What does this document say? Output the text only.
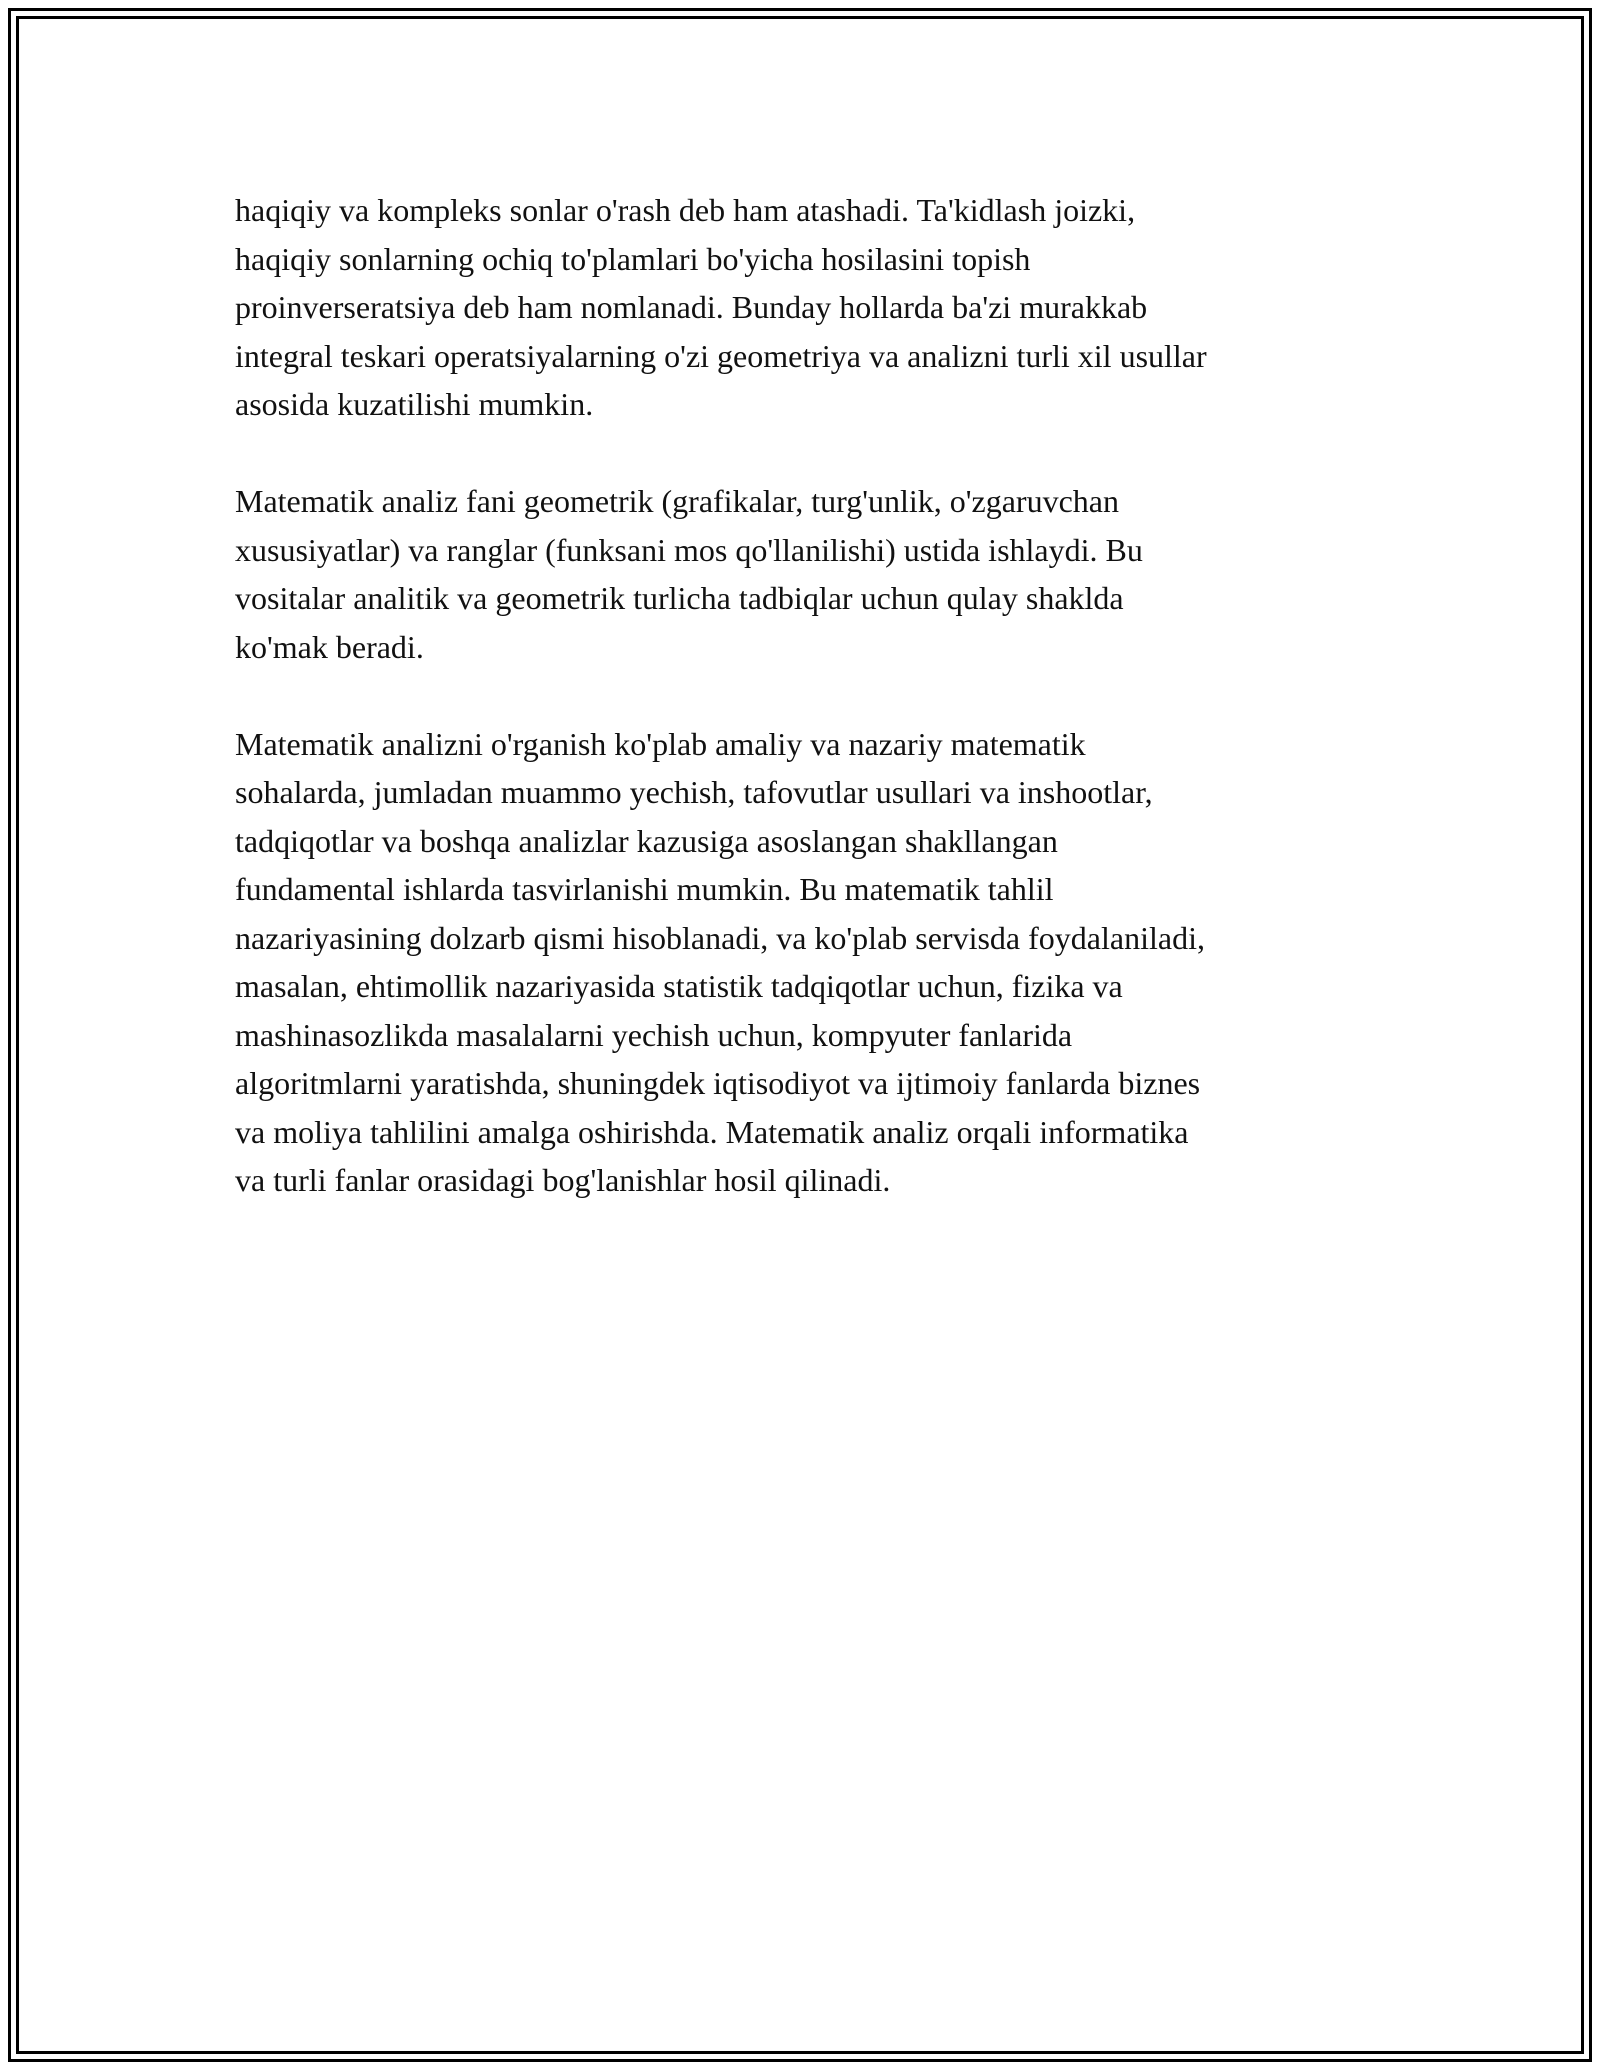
haqiqiy va kompleks sonlar o'rash deb ham atashadi. Ta'kidlash joizki,
haqiqiy sonlarning ochiq to'plamlari bo'yicha hosilasini topish
proinverseratsiya deb ham nomlanadi. Bunday hollarda ba'zi murakkab
integral teskari operatsiyalarning o'zi geometriya va analizni turli xil usullar
asosida kuzatilishi mumkin.

Matematik analiz fani geometrik (grafikalar, turg'unlik, o'zgaruvchan
xususiyatlar) va ranglar (funksani mos qo'llanilishi) ustida ishlaydi. Bu
vositalar analitik va geometrik turlicha tadbiqlar uchun qulay shaklda
ko'mak beradi.

Matematik analizni o'rganish ko'plab amaliy va nazariy matematik
sohalarda, jumladan muammo yechish, tafovutlar usullari va inshootlar,
tadqiqotlar va boshqa analizlar kazusiga asoslangan shakllangan
fundamental ishlarda tasvirlanishi mumkin. Bu matematik tahlil
nazariyasining dolzarb qismi hisoblanadi, va ko'plab servisda foydalaniladi,
masalan, ehtimollik nazariyasida statistik tadqiqotlar uchun, fizika va
mashinasozlikda masalalarni yechish uchun, kompyuter fanlarida
algoritmlarni yaratishda, shuningdek iqtisodiyot va ijtimoiy fanlarda biznes
va moliya tahlilini amalga oshirishda. Matematik analiz orqali informatika
va turli fanlar orasidagi bog'lanishlar hosil qilinadi.
